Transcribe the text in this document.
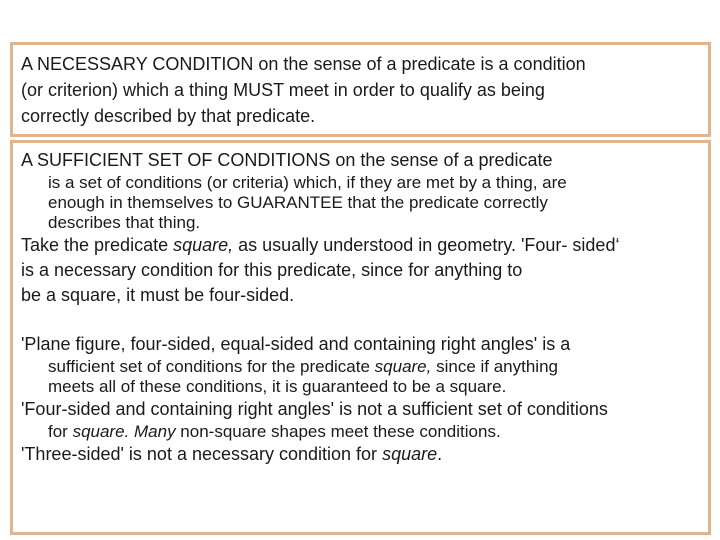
A NECESSARY CONDITION on the sense of a predicate is a condition
(or criterion) which a thing MUST meet in order to qualify as being
correctly described by that predicate.
A SUFFICIENT SET OF CONDITIONS on the sense of a predicate
is a set of conditions (or criteria) which, if they are met by a thing, are
enough in themselves to GUARANTEE that the predicate correctly
describes that thing.
Take the predicate square, as usually understood in geometry. 'Four- sided‘
is a necessary condition for this predicate, since for anything to
be a square, it must be four-sided.
'Plane figure, four-sided, equal-sided and containing right angles' is a
sufficient set of conditions for the predicate square, since if anything
meets all of these conditions, it is guaranteed to be a square.
'Four-sided and containing right angles' is not a sufficient set of conditions
for square. Many non-square shapes meet these conditions.
'Three-sided' is not a necessary condition for square.
